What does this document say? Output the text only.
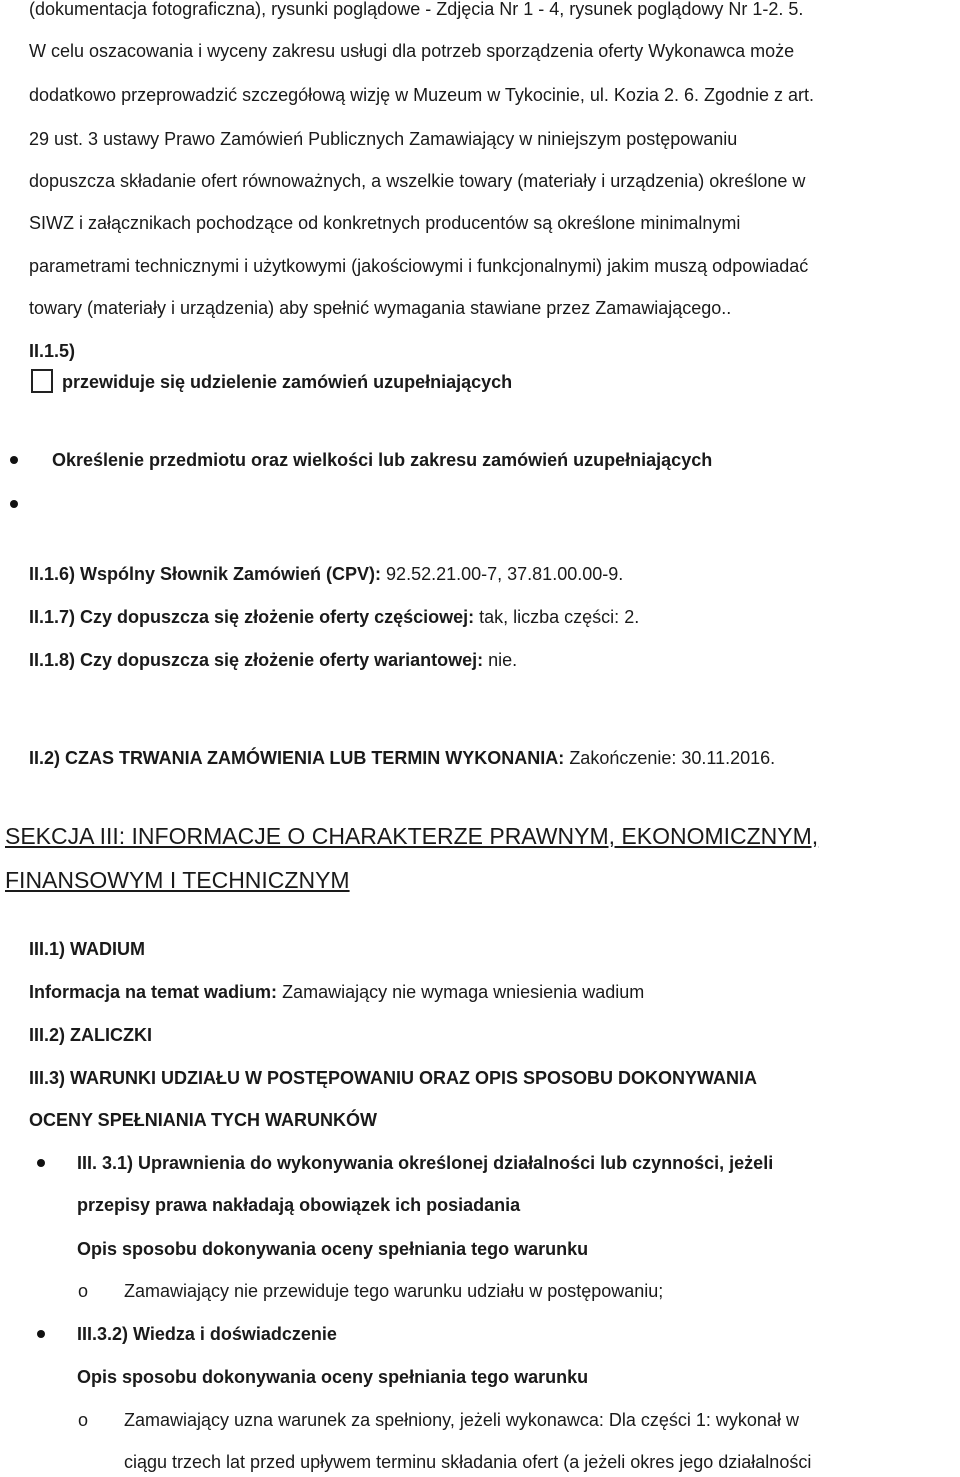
(dokumentacja fotograficzna), rysunki poglądowe - Zdjęcia Nr 1 - 4, rysunek poglądowy Nr 1-2. 5.
W celu oszacowania i wyceny zakresu usługi dla potrzeb sporządzenia oferty Wykonawca może
dodatkowo przeprowadzić szczegółową wizję w Muzeum w Tykocinie, ul. Kozia 2. 6. Zgodnie z art.
29 ust. 3 ustawy Prawo Zamówień Publicznych Zamawiający w niniejszym postępowaniu
dopuszcza składanie ofert równoważnych, a wszelkie towary (materiały i urządzenia) określone w
SIWZ i załącznikach pochodzące od konkretnych producentów są określone minimalnymi
parametrami technicznymi i użytkowymi (jakościowymi i funkcjonalnymi) jakim muszą odpowiadać
towary (materiały i urządzenia) aby spełnić wymagania stawiane przez Zamawiającego..
II.1.5)
przewiduje się udzielenie zamówień uzupełniających
Określenie przedmiotu oraz wielkości lub zakresu zamówień uzupełniających
II.1.6) Wspólny Słownik Zamówień (CPV): 92.52.21.00-7, 37.81.00.00-9.
II.1.7) Czy dopuszcza się złożenie oferty częściowej: tak, liczba części: 2.
II.1.8) Czy dopuszcza się złożenie oferty wariantowej: nie.
II.2) CZAS TRWANIA ZAMÓWIENIA LUB TERMIN WYKONANIA: Zakończenie: 30.11.2016.
SEKCJA III: INFORMACJE O CHARAKTERZE PRAWNYM, EKONOMICZNYM,
FINANSOWYM I TECHNICZNYM
III.1) WADIUM
Informacja na temat wadium: Zamawiający nie wymaga wniesienia wadium
III.2) ZALICZKI
III.3) WARUNKI UDZIAŁU W POSTĘPOWANIU ORAZ OPIS SPOSOBU DOKONYWANIA
OCENY SPEŁNIANIA TYCH WARUNKÓW
III. 3.1) Uprawnienia do wykonywania określonej działalności lub czynności, jeżeli
przepisy prawa nakładają obowiązek ich posiadania
Opis sposobu dokonywania oceny spełniania tego warunku
o Zamawiający nie przewiduje tego warunku udziału w postępowaniu;
III.3.2) Wiedza i doświadczenie
Opis sposobu dokonywania oceny spełniania tego warunku
o Zamawiający uzna warunek za spełniony, jeżeli wykonawca: Dla części 1: wykonał w
ciągu trzech lat przed upływem terminu składania ofert (a jeżeli okres jego działalności
